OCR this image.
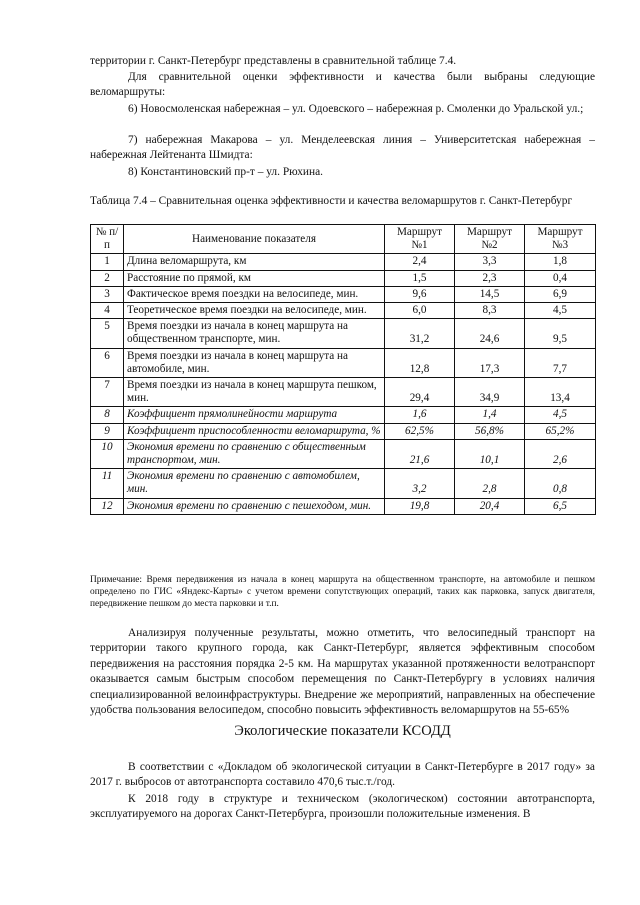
территории г. Санкт-Петербург представлены в сравнительной таблице 7.4.
Для сравнительной оценки эффективности и качества были выбраны следующие веломаршруты:
6) Новосмоленская набережная – ул. Одоевского – набережная р. Смоленки до Уральской ул.;
7) набережная Макарова – ул. Менделеевская линия – Университетская набережная – набережная Лейтенанта Шмидта:
8) Константиновский пр-т – ул. Рюхина.
Таблица 7.4 – Сравнительная оценка эффективности и качества веломаршрутов г. Санкт-Петербург
№ п/п	Наименование показателя	Маршрут №1	Маршрут №2	Маршрут №3
1	Длина веломаршрута, км	2,4	3,3	1,8
2	Расстояние по прямой, км	1,5	2,3	0,4
3	Фактическое время поездки на велосипеде, мин.	9,6	14,5	6,9
4	Теоретическое время поездки на велосипеде, мин.	6,0	8,3	4,5
5	Время поездки из начала в конец маршрута на общественном транспорте, мин.	31,2	24,6	9,5
6	Время поездки из начала в конец маршрута на автомобиле, мин.	12,8	17,3	7,7
7	Время поездки из начала в конец маршрута пешком, мин.	29,4	34,9	13,4
8	Коэффициент прямолинейности маршрута	1,6	1,4	4,5
9	Коэффициент приспособленности веломаршрута, %	62,5%	56,8%	65,2%
10	Экономия времени по сравнению с общественным транспортом, мин.	21,6	10,1	2,6
11	Экономия времени по сравнению с автомобилем, мин.	3,2	2,8	0,8
12	Экономия времени по сравнению с пешеходом, мин.	19,8	20,4	6,5
Примечание: Время передвижения из начала в конец маршрута на общественном транспорте, на автомобиле и пешком определено по ГИС «Яндекс-Карты» с учетом времени сопутствующих операций, таких как парковка, запуск двигателя, передвижение пешком до места парковки и т.п.
Анализируя полученные результаты, можно отметить, что велосипедный транспорт на территории такого крупного города, как Санкт-Петербург, является эффективным способом передвижения на расстояния порядка 2-5 км. На маршрутах указанной протяженности велотранспорт оказывается самым быстрым способом перемещения по Санкт-Петербургу в условиях наличия специализированной велоинфраструктуры. Внедрение же мероприятий, направленных на обеспечение удобства пользования велосипедом, способно повысить эффективность веломаршрутов на 55-65%
Экологические показатели КСОДД
В соответствии с «Докладом об экологической ситуации в Санкт-Петербурге в 2017 году» за 2017 г. выбросов от автотранспорта составило 470,6 тыс.т./год.
К 2018 году в структуре и техническом (экологическом) состоянии автотранспорта, эксплуатируемого на дорогах Санкт-Петербурга, произошли положительные изменения. В
